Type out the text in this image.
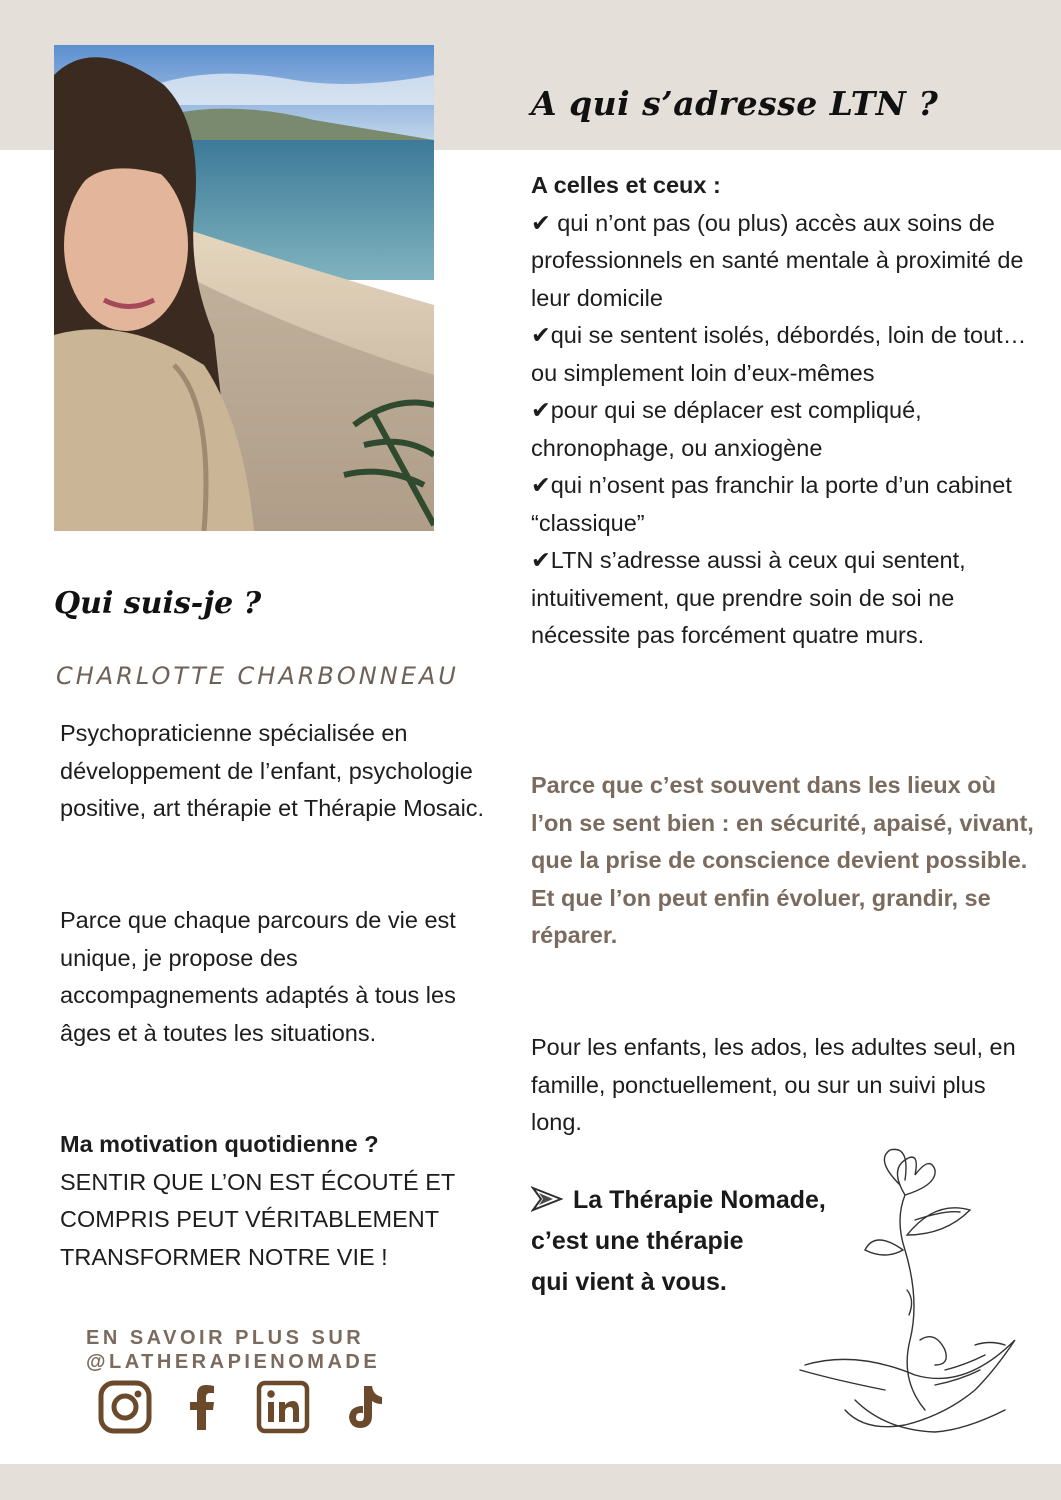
A qui s’adresse LTN ?
Qui suis-je ?
CHARLOTTE CHARBONNEAU
Psychopraticienne spécialisée en développement de l’enfant, psychologie positive, art thérapie et Thérapie Mosaic.
Parce que chaque parcours de vie est unique, je propose des accompagnements adaptés à tous les âges et à toutes les situations.
Ma motivation quotidienne ?
SENTIR QUE L’ON EST ÉCOUTÉ ET COMPRIS PEUT VÉRITABLEMENT TRANSFORMER NOTRE VIE !
A celles et ceux :
✔ qui n’ont pas (ou plus) accès aux soins de professionnels en santé mentale à proximité de leur domicile
✔qui se sentent isolés, débordés, loin de tout… ou simplement loin d’eux-mêmes
✔pour qui se déplacer est compliqué, chronophage, ou anxiogène
✔qui n’osent pas franchir la porte d’un cabinet “classique”
✔LTN s’adresse aussi à ceux qui sentent, intuitivement, que prendre soin de soi ne nécessite pas forcément quatre murs.
Parce que c’est souvent dans les lieux où l’on se sent bien : en sécurité, apaisé, vivant, que la prise de conscience devient possible. Et que l’on peut enfin évoluer, grandir, se réparer.
Pour les enfants, les ados, les adultes seul, en famille, ponctuellement, ou sur un suivi plus long.
La Thérapie Nomade,
c’est une thérapie
qui vient à vous.
EN SAVOIR PLUS SUR
@LATHERAPIENOMADE
